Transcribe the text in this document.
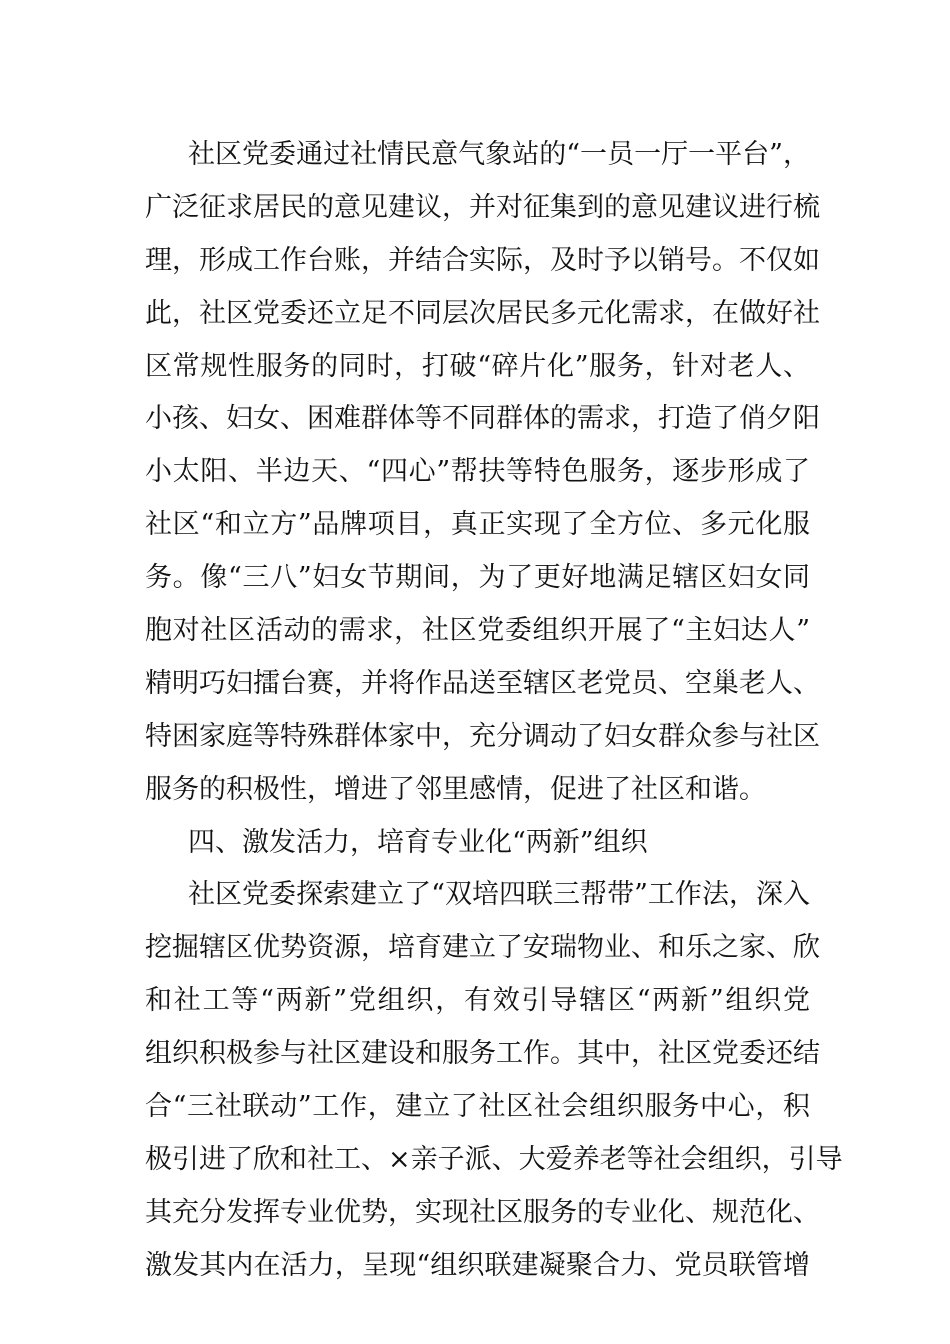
社区党委通过社情民意气象站的“一员一厅一平台”，
广泛征求居民的意见建议，并对征集到的意见建议进行梳
理，形成工作台账，并结合实际，及时予以销号。不仅如
此，社区党委还立足不同层次居民多元化需求，在做好社
区常规性服务的同时，打破“碎片化”服务，针对老人、
小孩、妇女、困难群体等不同群体的需求，打造了俏夕阳
小太阳、半边天、“四心”帮扶等特色服务，逐步形成了
社区“和立方”品牌项目，真正实现了全方位、多元化服
务。像“三八”妇女节期间，为了更好地满足辖区妇女同
胞对社区活动的需求，社区党委组织开展了“主妇达人”
精明巧妇擂台赛，并将作品送至辖区老党员、空巢老人、
特困家庭等特殊群体家中，充分调动了妇女群众参与社区
服务的积极性，增进了邻里感情，促进了社区和谐。
四、激发活力，培育专业化“两新”组织
社区党委探索建立了“双培四联三帮带”工作法，深入
挖掘辖区优势资源，培育建立了安瑞物业、和乐之家、欣
和社工等“两新”党组织，有效引导辖区“两新”组织党
组织积极参与社区建设和服务工作。其中，社区党委还结
合“三社联动”工作，建立了社区社会组织服务中心，积
极引进了欣和社工、×亲子派、大爱养老等社会组织，引导
其充分发挥专业优势，实现社区服务的专业化、规范化、
激发其内在活力，呈现“组织联建凝聚合力、党员联管增
